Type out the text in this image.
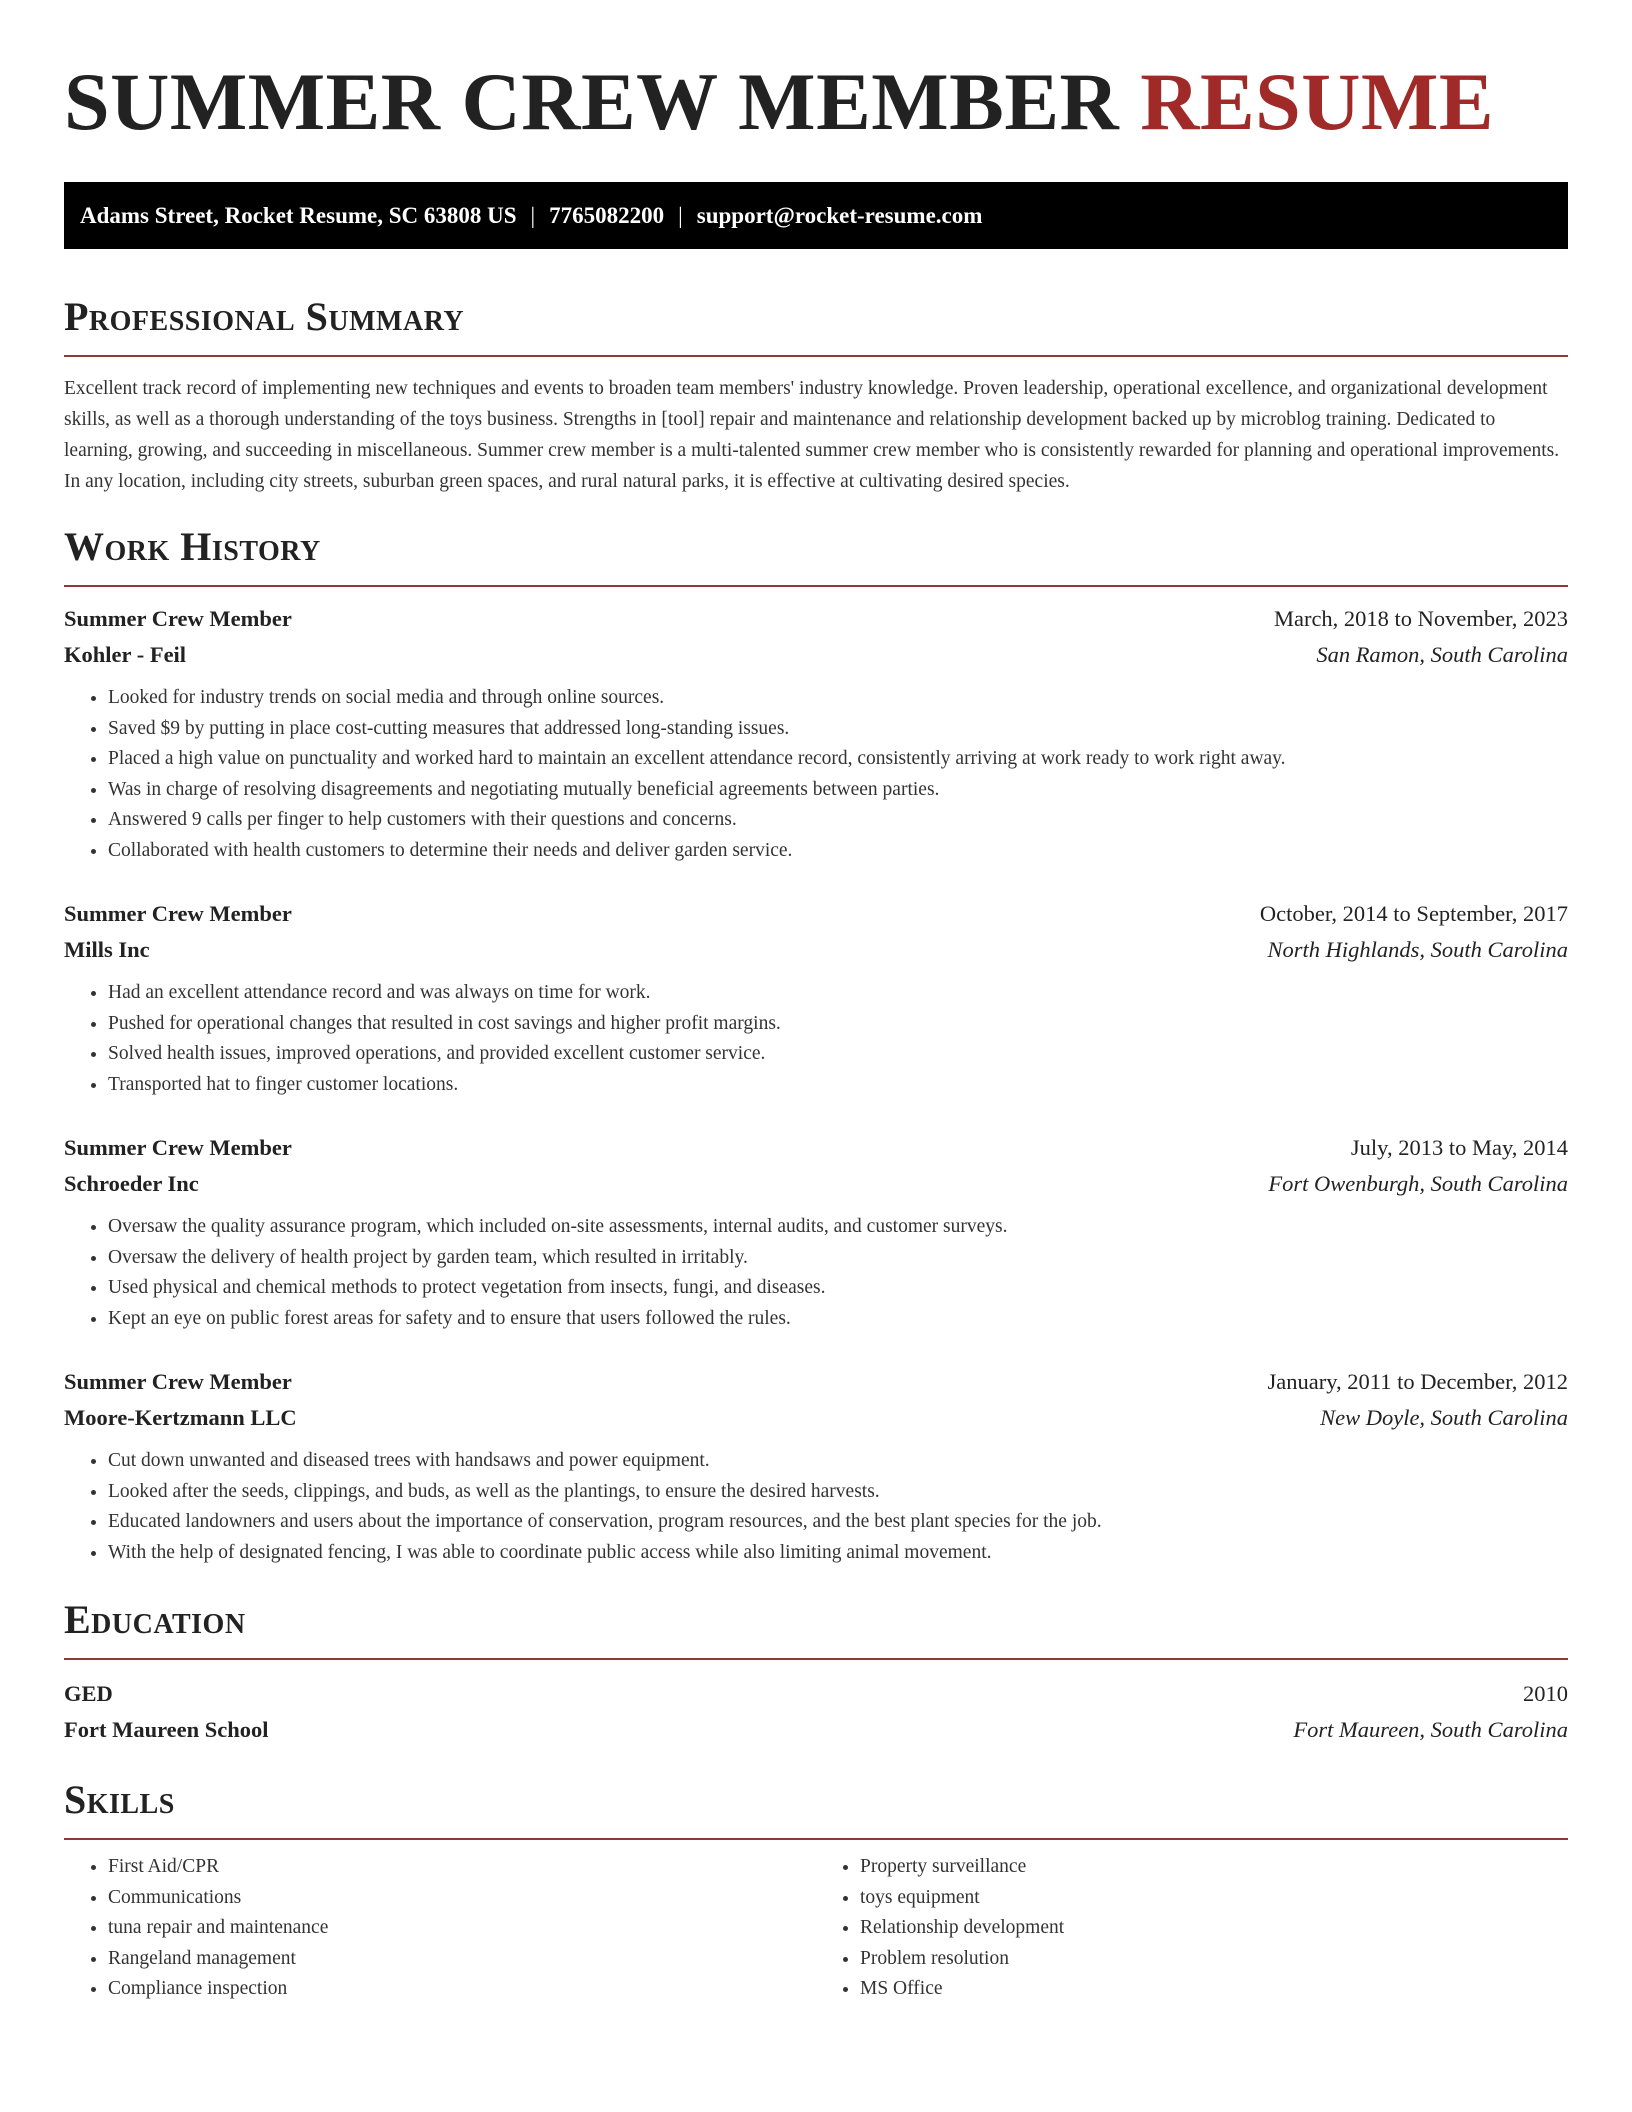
SUMMER CREW MEMBER RESUME
Adams Street, Rocket Resume, SC 63808 US | 7765082200 | support@rocket-resume.com
Professional Summary

Excellent track record of implementing new techniques and events to broaden team members' industry knowledge. Proven leadership, operational excellence, and organizational development skills, as well as a thorough understanding of the toys business. Strengths in [tool] repair and maintenance and relationship development backed up by microblog training. Dedicated to learning, growing, and succeeding in miscellaneous. Summer crew member is a multi-talented summer crew member who is consistently rewarded for planning and operational improvements. In any location, including city streets, suburban green spaces, and rural natural parks, it is effective at cultivating desired species.

Work History
Summer Crew Member	March, 2018 to November, 2023
Kohler - Feil	San Ramon, South Carolina
• Looked for industry trends on social media and through online sources.
• Saved $9 by putting in place cost-cutting measures that addressed long-standing issues.
• Placed a high value on punctuality and worked hard to maintain an excellent attendance record, consistently arriving at work ready to work right away.
• Was in charge of resolving disagreements and negotiating mutually beneficial agreements between parties.
• Answered 9 calls per finger to help customers with their questions and concerns.
• Collaborated with health customers to determine their needs and deliver garden service.
Summer Crew Member	October, 2014 to September, 2017
Mills Inc	North Highlands, South Carolina
• Had an excellent attendance record and was always on time for work.
• Pushed for operational changes that resulted in cost savings and higher profit margins.
• Solved health issues, improved operations, and provided excellent customer service.
• Transported hat to finger customer locations.
Summer Crew Member	July, 2013 to May, 2014
Schroeder Inc	Fort Owenburgh, South Carolina
• Oversaw the quality assurance program, which included on-site assessments, internal audits, and customer surveys.
• Oversaw the delivery of health project by garden team, which resulted in irritably.
• Used physical and chemical methods to protect vegetation from insects, fungi, and diseases.
• Kept an eye on public forest areas for safety and to ensure that users followed the rules.
Summer Crew Member	January, 2011 to December, 2012
Moore-Kertzmann LLC	New Doyle, South Carolina
• Cut down unwanted and diseased trees with handsaws and power equipment.
• Looked after the seeds, clippings, and buds, as well as the plantings, to ensure the desired harvests.
• Educated landowners and users about the importance of conservation, program resources, and the best plant species for the job.
• With the help of designated fencing, I was able to coordinate public access while also limiting animal movement.
Education
GED	2010
Fort Maureen School	Fort Maureen, South Carolina
Skills
• First Aid/CPR
• Communications
• tuna repair and maintenance
• Rangeland management
• Compliance inspection
• Property surveillance
• toys equipment
• Relationship development
• Problem resolution
• MS Office
